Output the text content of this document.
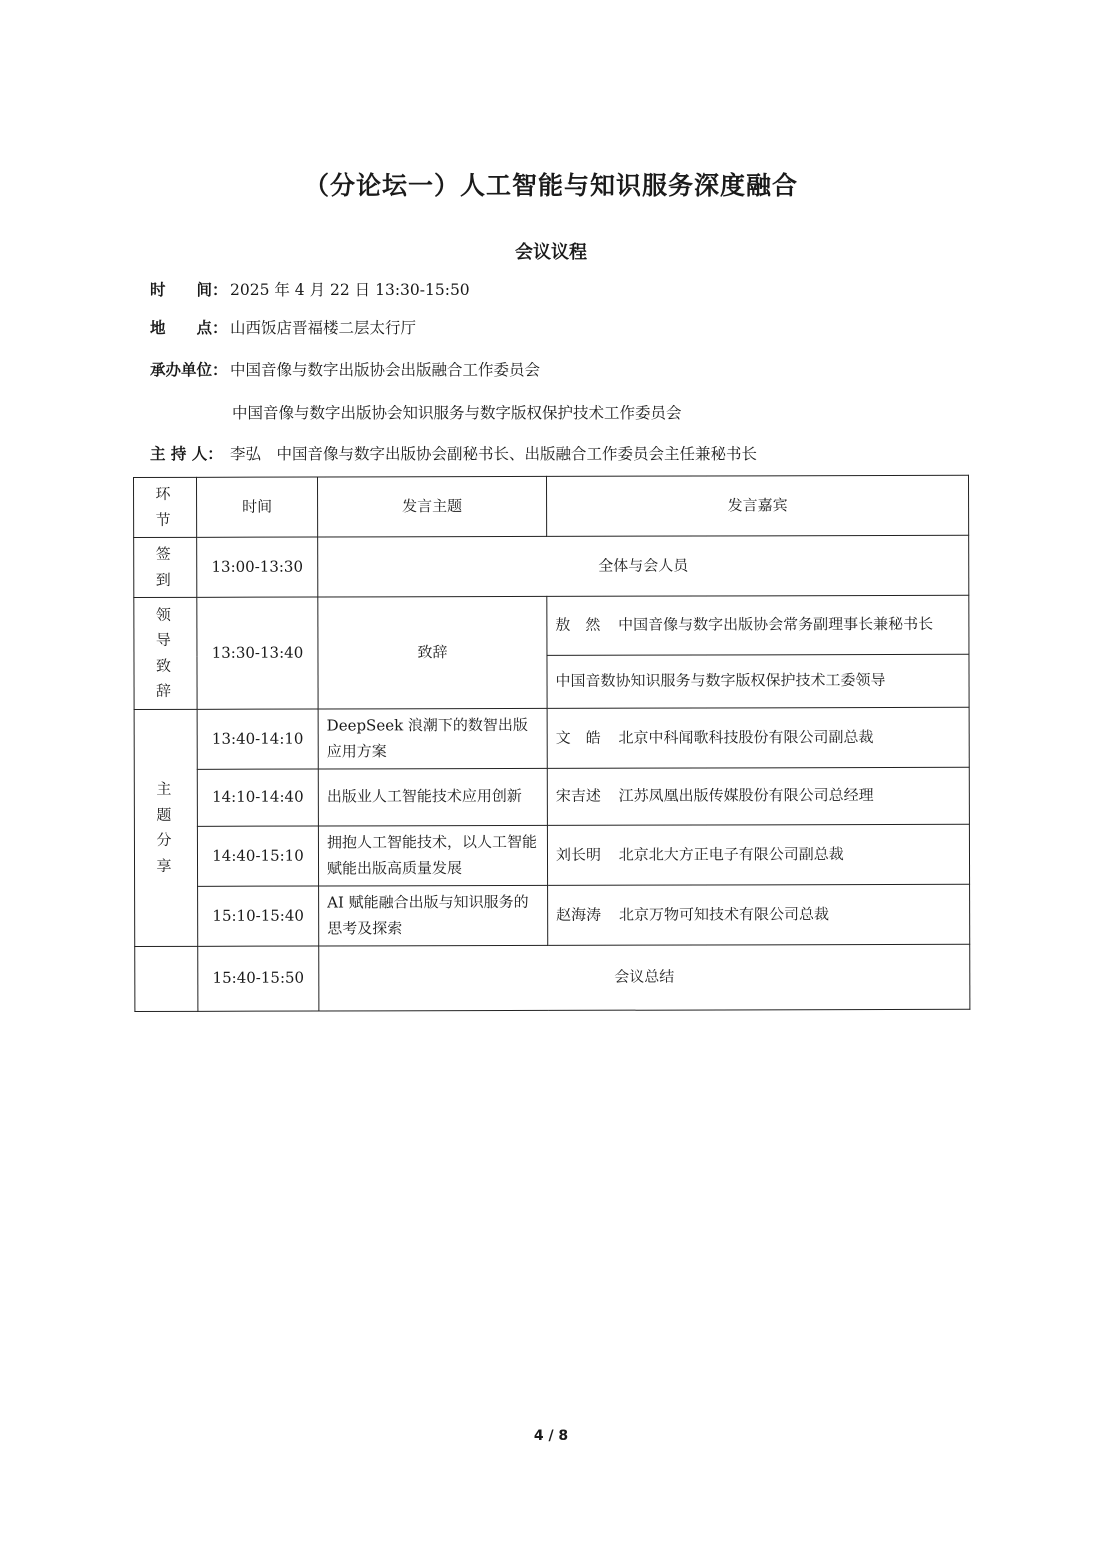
（分论坛一）人工智能与知识服务深度融合
会议议程
时　　间： 2025 年 4 月 22 日 13:30-15:50
地　　点： 山西饭店晋福楼二层太行厅
承办单位： 中国音像与数字出版协会出版融合工作委员会
中国音像与数字出版协会知识服务与数字版权保护技术工作委员会
主 持 人： 李弘　中国音像与数字出版协会副秘书长、出版融合工作委员会主任兼秘书长
环 节	时间	发言主题	发言嘉宾
签 到	13:00-13:30	全体与会人员	
领 导
致 辞	13:30-13:40	致辞	敖　然 中国音像与数字出版协会常务副理事长兼秘书长
			中国音数协知识服务与数字版权保护技术工委领导
主 题
分 享	13:40-14:10	DeepSeek 浪潮下的数智出版应用方案	文　皓 北京中科闻歌科技股份有限公司副总裁
	14:10-14:40	出版业人工智能技术应用创新	宋吉述 江苏凤凰出版传媒股份有限公司总经理
	14:40-15:10	拥抱人工智能技术，以人工智能赋能出版高质量发展	刘长明 北京北大方正电子有限公司副总裁
	15:10-15:40	AI 赋能融合出版与知识服务的思考及探索	赵海涛 北京万物可知技术有限公司总裁
	15:40-15:50	会议总结	
4 / 8
